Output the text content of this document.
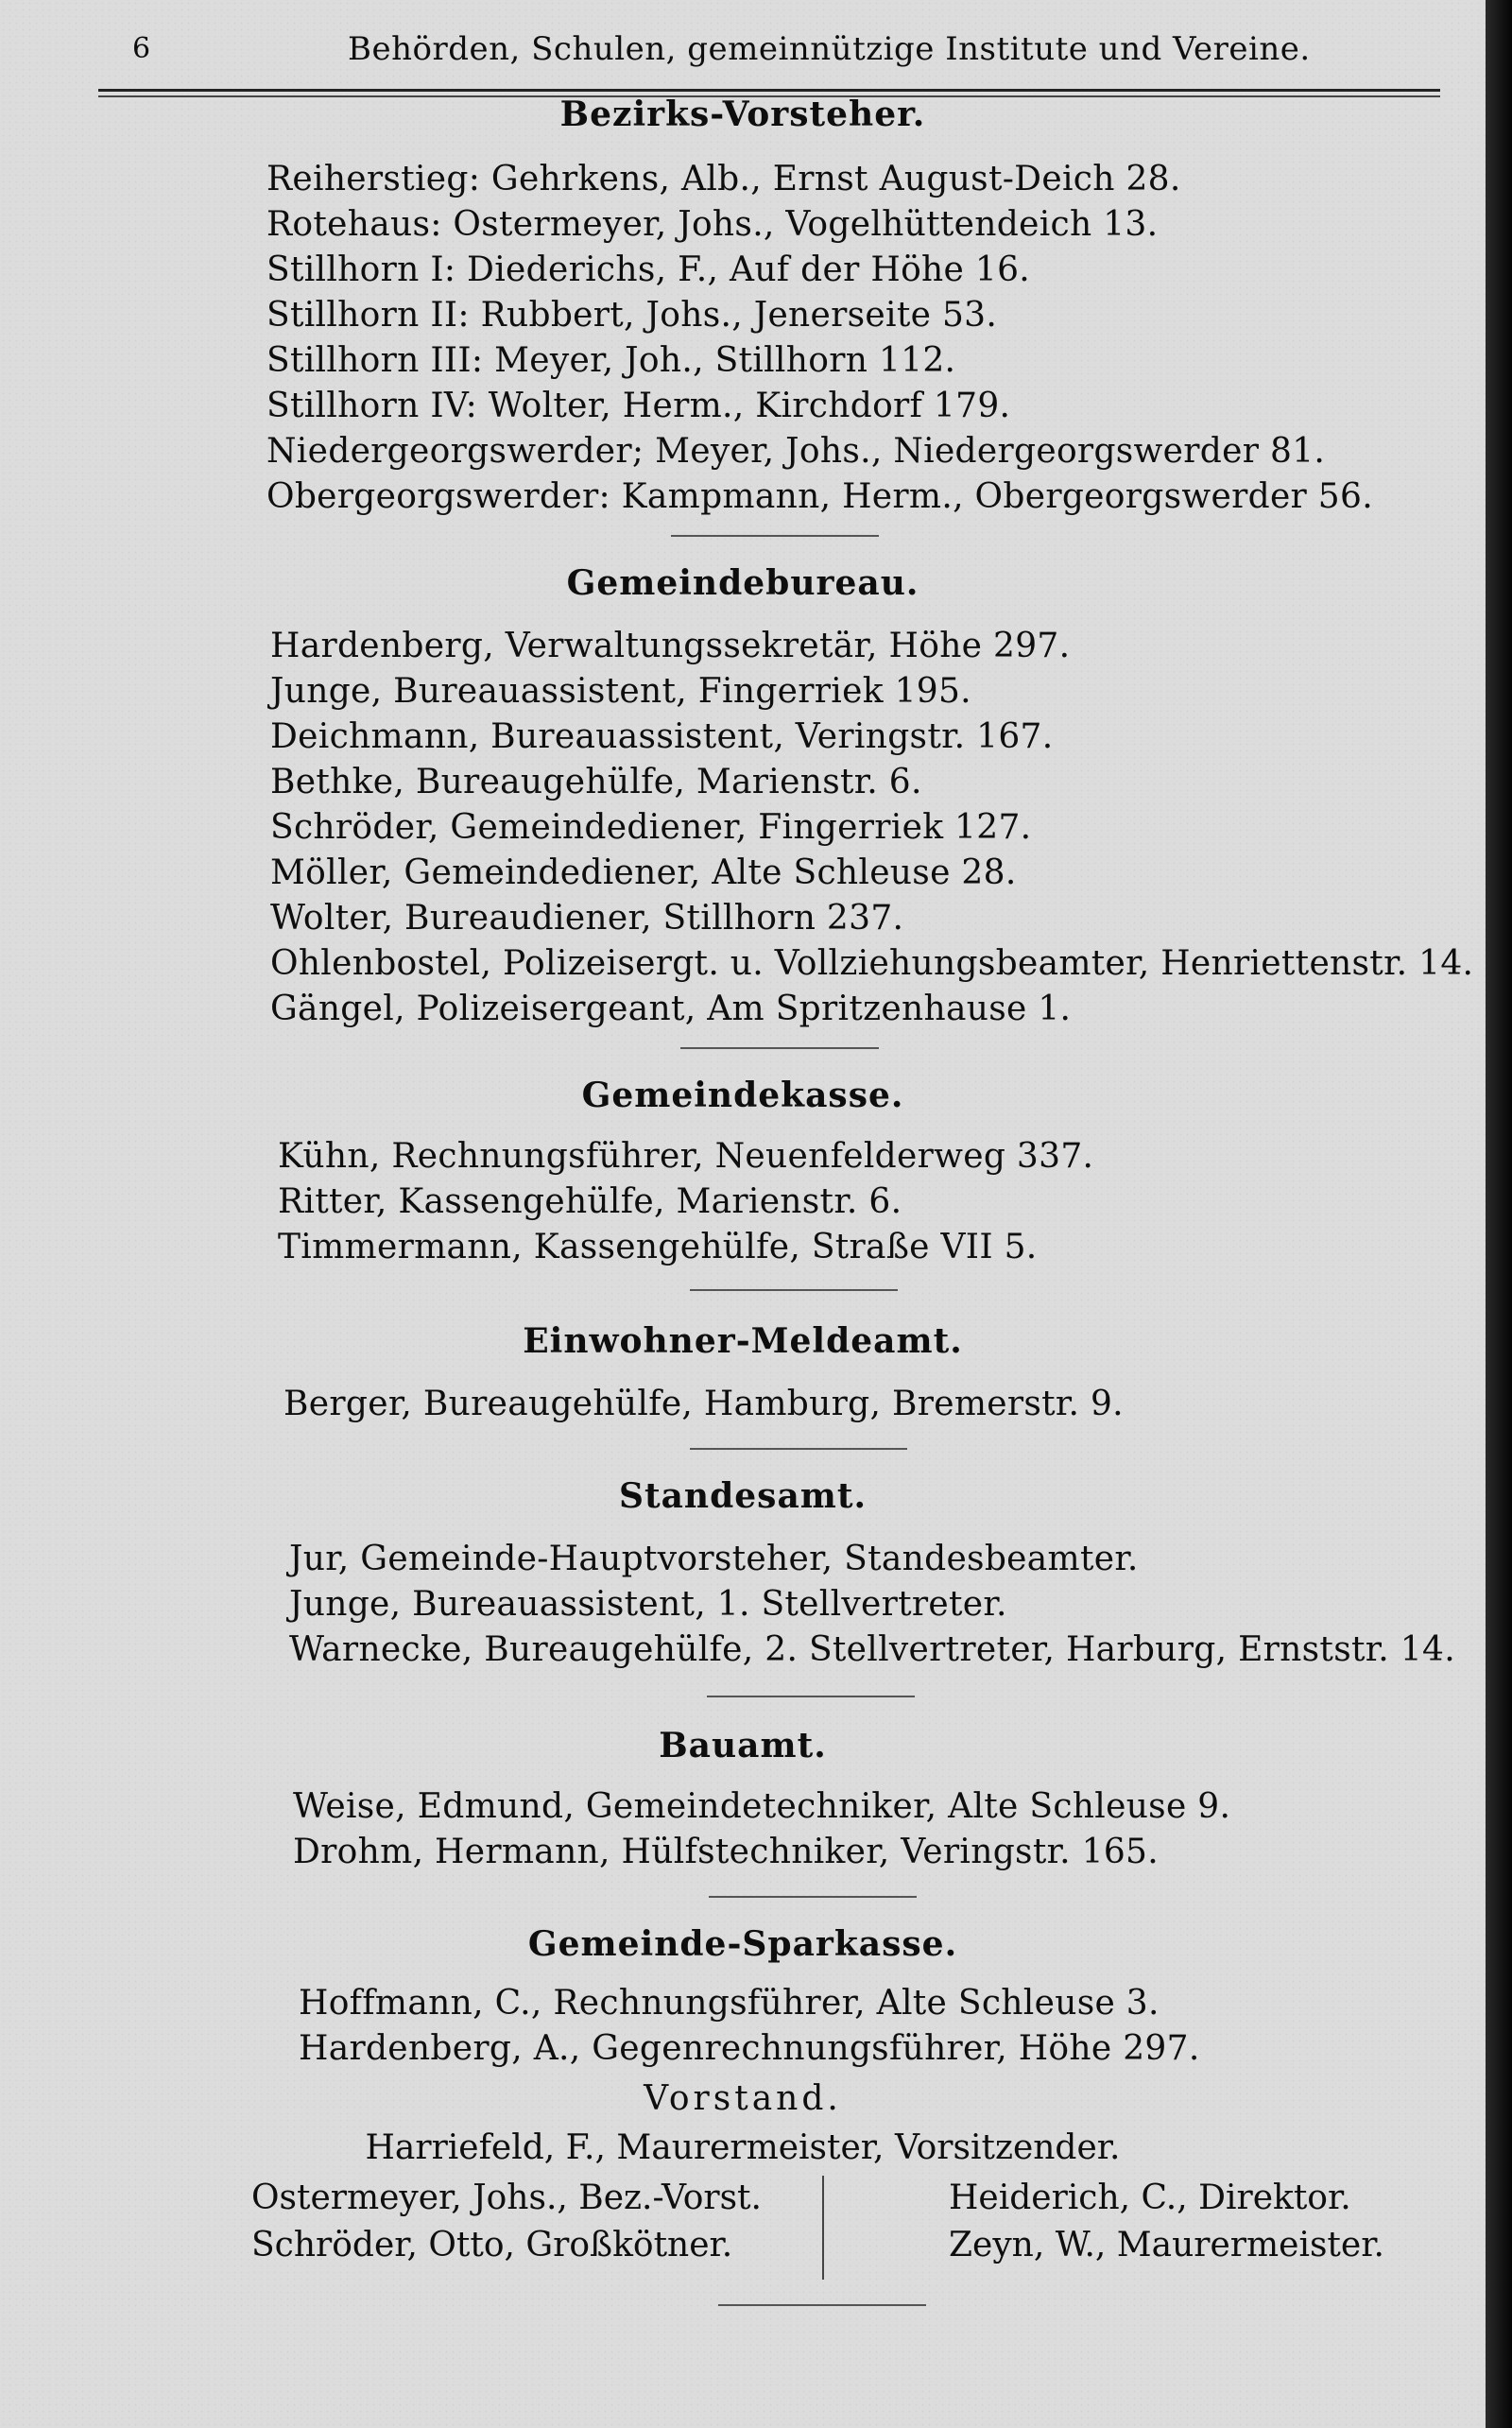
6	Behörden, Schulen, gemeinnützige Institute und Vereine.
Bezirks-Vorsteher.
Reiherstieg: Gehrkens, Alb., Ernst August-Deich 28.
Rotehaus: Ostermeyer, Johs., Vogelhüttendeich 13.
Stillhorn I: Diederichs, F., Auf der Höhe 16.
Stillhorn II: Rubbert, Johs., Jenerseite 53.
Stillhorn III: Meyer, Joh., Stillhorn 112.
Stillhorn IV: Wolter, Herm., Kirchdorf 179.
Niedergeorgswerder; Meyer, Johs., Niedergeorgswerder 81.
Obergeorgswerder: Kampmann, Herm., Obergeorgswerder 56.
Gemeindebureau.
Hardenberg, Verwaltungssekretär, Höhe 297.
Junge, Bureauassistent, Fingerriek 195.
Deichmann, Bureauassistent, Veringstr. 167.
Bethke, Bureaugehülfe, Marienstr. 6.
Schröder, Gemeindediener, Fingerriek 127.
Möller, Gemeindediener, Alte Schleuse 28.
Wolter, Bureaudiener, Stillhorn 237.
Ohlenbostel, Polizeisergt. u. Vollziehungsbeamter, Henriettenstr. 14.
Gängel, Polizeisergeant, Am Spritzenhause 1.
Gemeindekasse.
Kühn, Rechnungsführer, Neuenfelderweg 337.
Ritter, Kassengehülfe, Marienstr. 6.
Timmermann, Kassengehülfe, Straße VII 5.
Einwohner-Meldeamt.
Berger, Bureaugehülfe, Hamburg, Bremerstr. 9.
Standesamt.
Jur, Gemeinde-Hauptvorsteher, Standesbeamter.
Junge, Bureauassistent, 1. Stellvertreter.
Warnecke, Bureaugehülfe, 2. Stellvertreter, Harburg, Ernststr. 14.
Bauamt.
Weise, Edmund, Gemeindetechniker, Alte Schleuse 9.
Drohm, Hermann, Hülfstechniker, Veringstr. 165.
Gemeinde-Sparkasse.
Hoffmann, C., Rechnungsführer, Alte Schleuse 3.
Hardenberg, A., Gegenrechnungsführer, Höhe 297.
Vorstand.
Harriefeld, F., Maurermeister, Vorsitzender.
Ostermeyer, Johs., Bez.-Vorst.
Schröder, Otto, Großkötner.
Heiderich, C., Direktor.
Zeyn, W., Maurermeister.
